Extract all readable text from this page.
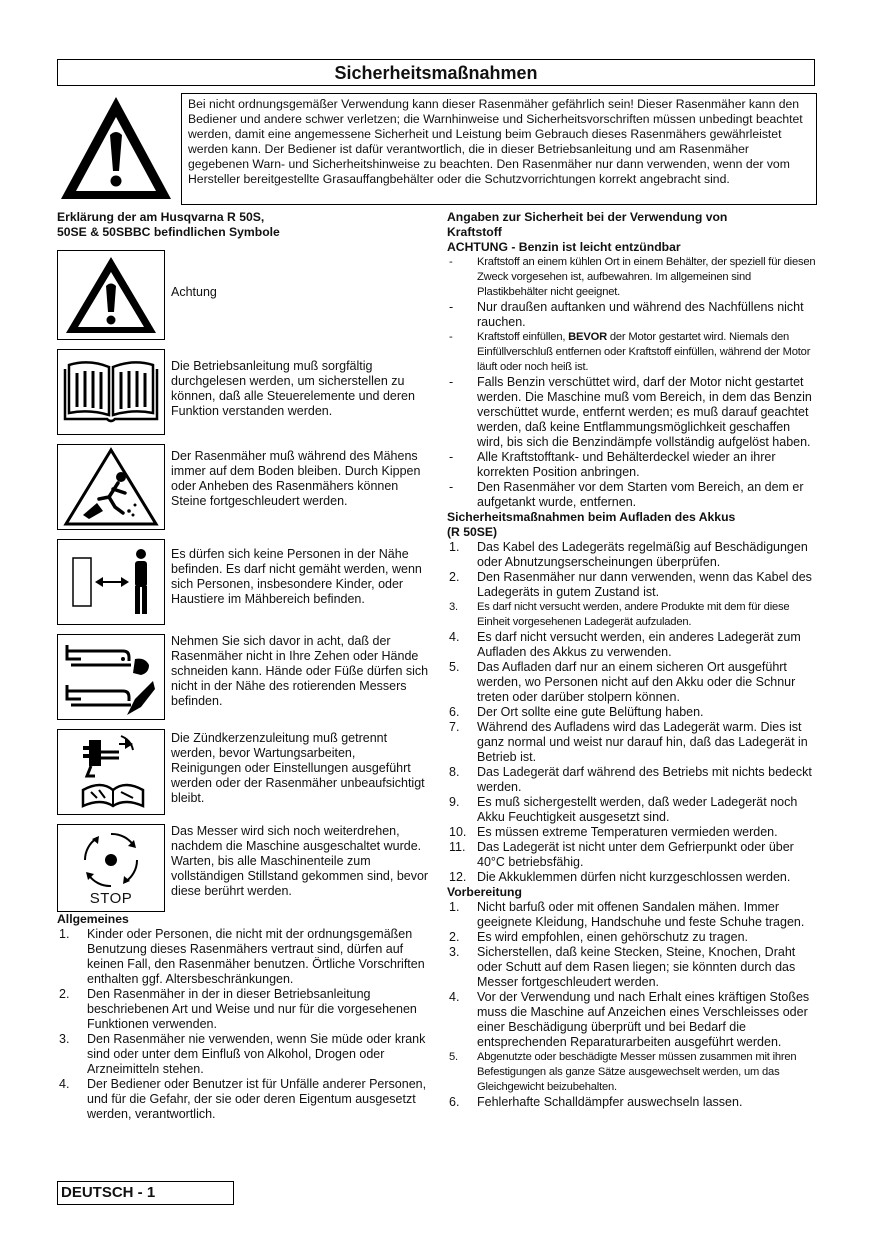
Sicherheitsmaßnahmen
Bei nicht ordnungsgemäßer Verwendung kann dieser Rasenmäher gefährlich sein! Dieser Rasenmäher kann den Bediener und andere schwer verletzen; die Warnhinweise und Sicherheitsvorschriften müssen unbedingt beachtet werden, damit eine angemessene Sicherheit und Leistung beim Gebrauch dieses Rasenmähers gewährleistet werden kann. Der Bediener ist dafür verantwortlich, die in dieser Betriebsanleitung und am Rasenmäher gegebenen Warn- und Sicherheitshinweise zu beachten. Den Rasenmäher nur dann verwenden, wenn der vom Hersteller bereitgestellte Grasauffangbehälter oder die Schutzvorrichtungen korrekt angebracht sind.
Erklärung der am Husqvarna R 50S,
50SE & 50SBBC befindlichen Symbole
Achtung
Die Betriebsanleitung muß sorgfältig durchgelesen werden, um sicherstellen zu können, daß alle Steuerelemente und deren Funktion verstanden werden.
Der Rasenmäher muß während des Mähens immer auf dem Boden bleiben. Durch Kippen oder Anheben des Rasenmähers können Steine fortgeschleudert werden.
Es dürfen sich keine Personen in der Nähe befinden. Es darf nicht gemäht werden, wenn sich Personen, insbesondere Kinder, oder Haustiere im Mähbereich befinden.
Nehmen Sie sich davor in acht, daß der Rasenmäher nicht in Ihre Zehen oder Hände schneiden kann. Hände oder Füße dürfen sich nicht in der Nähe des rotierenden Messers befinden.
Die Zündkerzenzuleitung muß getrennt werden, bevor Wartungsarbeiten, Reinigungen oder Einstellungen ausgeführt werden oder der Rasenmäher unbeaufsichtigt bleibt.
STOP
Das Messer wird sich noch weiterdrehen, nachdem die Maschine ausgeschaltet wurde. Warten, bis alle Maschinenteile zum vollständigen Stillstand gekommen sind, bevor diese berührt werden.
Allgemeines
1. Kinder oder Personen, die nicht mit der ordnungsgemäßen Benutzung dieses Rasenmähers vertraut sind, dürfen auf keinen Fall, den Rasenmäher benutzen. Örtliche Vorschriften enthalten ggf. Altersbeschränkungen.
2. Den Rasenmäher in der in dieser Betriebsanleitung beschriebenen Art und Weise und nur für die vorgesehenen Funktionen verwenden.
3. Den Rasenmäher nie verwenden, wenn Sie müde oder krank sind oder unter dem Einfluß von Alkohol, Drogen oder Arzneimitteln stehen.
4. Der Bediener oder Benutzer ist für Unfälle anderer Personen, und für die Gefahr, der sie oder deren Eigentum ausgesetzt werden, verantwortlich.
Angaben zur Sicherheit bei der Verwendung von
Kraftstoff
ACHTUNG - Benzin ist leicht entzündbar
- Kraftstoff an einem kühlen Ort in einem Behälter, der speziell für diesen Zweck vorgesehen ist, aufbewahren. Im allgemeinen sind Plastikbehälter nicht geeignet.
- Nur draußen auftanken und während des Nachfüllens nicht rauchen.
- Kraftstoff einfüllen, BEVOR der Motor gestartet wird. Niemals den Einfüllverschluß entfernen oder Kraftstoff einfüllen, während der Motor läuft oder noch heiß ist.
- Falls Benzin verschüttet wird, darf der Motor nicht gestartet werden. Die Maschine muß vom Bereich, in dem das Benzin verschüttet wurde, entfernt werden; es muß darauf geachtet werden, daß keine Entflammungsmöglichkeit geschaffen wird, bis sich die Benzindämpfe vollständig aufgelöst haben.
- Alle Kraftstofftank- und Behälterdeckel wieder an ihrer korrekten Position anbringen.
- Den Rasenmäher vor dem Starten vom Bereich, an dem er aufgetankt wurde, entfernen.
Sicherheitsmaßnahmen beim Aufladen des Akkus
(R 50SE)
1. Das Kabel des Ladegeräts regelmäßig auf Beschädigungen oder Abnutzungserscheinungen überprüfen.
2. Den Rasenmäher nur dann verwenden, wenn das Kabel des Ladegeräts in gutem Zustand ist.
3. Es darf nicht versucht werden, andere Produkte mit dem für diese Einheit vorgesehenen Ladegerät aufzuladen.
4. Es darf nicht versucht werden, ein anderes Ladegerät zum Aufladen des Akkus zu verwenden.
5. Das Aufladen darf nur an einem sicheren Ort ausgeführt werden, wo Personen nicht auf den Akku oder die Schnur treten oder darüber stolpern können.
6. Der Ort sollte eine gute Belüftung haben.
7. Während des Aufladens wird das Ladegerät warm. Dies ist ganz normal und weist nur darauf hin, daß das Ladegerät in Betrieb ist.
8. Das Ladegerät darf während des Betriebs mit nichts bedeckt werden.
9. Es muß sichergestellt werden, daß weder Ladegerät noch Akku Feuchtigkeit ausgesetzt sind.
10. Es müssen extreme Temperaturen vermieden werden.
11. Das Ladegerät ist nicht unter dem Gefrierpunkt oder über 40°C betriebsfähig.
12. Die Akkuklemmen dürfen nicht kurzgeschlossen werden.
Vorbereitung
1. Nicht barfuß oder mit offenen Sandalen mähen. Immer geeignete Kleidung, Handschuhe und feste Schuhe tragen.
2. Es wird empfohlen, einen gehörschutz zu tragen.
3. Sicherstellen, daß keine Stecken, Steine, Knochen, Draht oder Schutt auf dem Rasen liegen; sie könnten durch das Messer fortgeschleudert werden.
4. Vor der Verwendung und nach Erhalt eines kräftigen Stoßes muss die Maschine auf Anzeichen eines Verschleisses oder einer Beschädigung überprüft und bei Bedarf die entsprechenden Reparaturarbeiten ausgeführt werden.
5. Abgenutzte oder beschädigte Messer müssen zusammen mit ihren Befestigungen als ganze Sätze ausgewechselt werden, um das Gleichgewicht beizubehalten.
6. Fehlerhafte Schalldämpfer auswechseln lassen.
DEUTSCH - 1
